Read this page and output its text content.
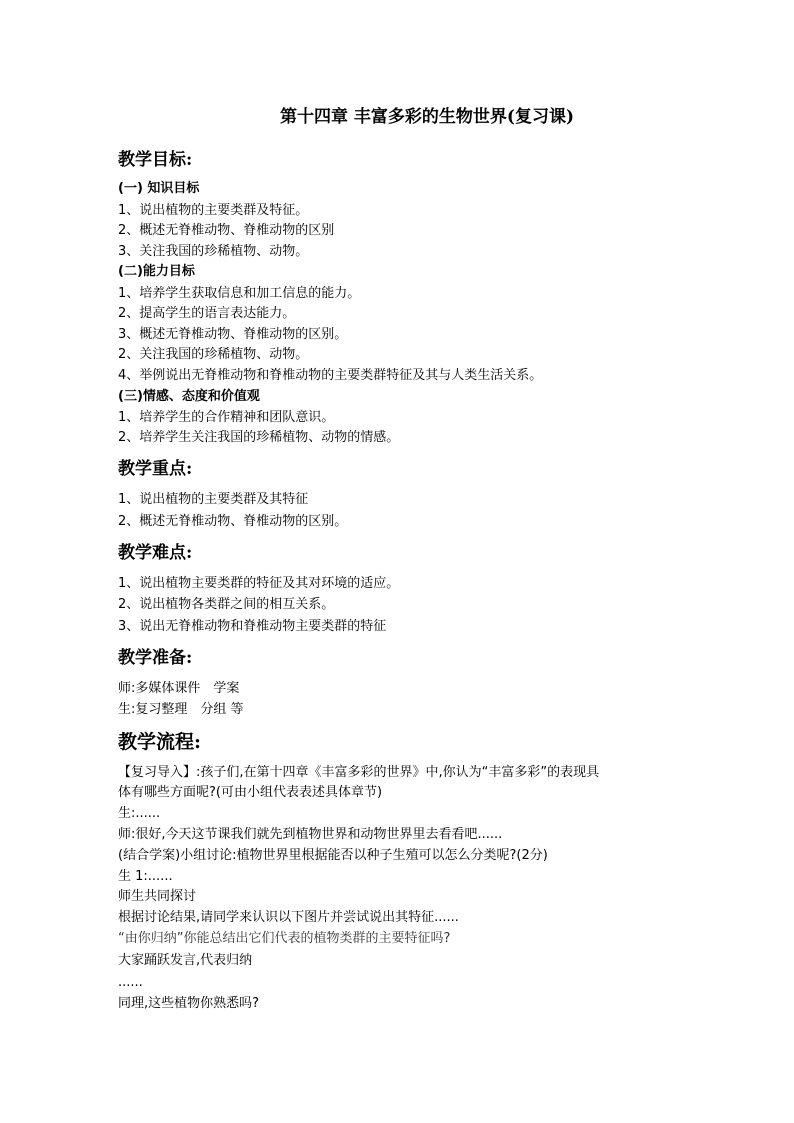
第十四章 丰富多彩的生物世界(复习课)
教学目标:
(一) 知识目标
1、说出植物的主要类群及特征。
2、概述无脊椎动物、脊椎动物的区别
3、关注我国的珍稀植物、动物。
(二)能力目标
1、培养学生获取信息和加工信息的能力。
2、提高学生的语言表达能力。
3、概述无脊椎动物、脊椎动物的区别。
2、关注我国的珍稀植物、动物。
4、举例说出无脊椎动物和脊椎动物的主要类群特征及其与人类生活关系。
(三)情感、态度和价值观
1、培养学生的合作精神和团队意识。
2、培养学生关注我国的珍稀植物、动物的情感。
教学重点:
1、说出植物的主要类群及其特征
2、概述无脊椎动物、脊椎动物的区别。
教学难点:
1、说出植物主要类群的特征及其对环境的适应。
2、说出植物各类群之间的相互关系。
3、说出无脊椎动物和脊椎动物主要类群的特征
教学准备:
师:多媒体课件　学案
生:复习整理　分组 等
教学流程:
【复习导入】:孩子们,在第十四章《丰富多彩的世界》中,你认为“丰富多彩”的表现具
体有哪些方面呢?(可由小组代表表述具体章节)
生:......
师:很好,今天这节课我们就先到植物世界和动物世界里去看看吧......
(结合学案)小组讨论:植物世界里根据能否以种子生殖可以怎么分类呢?(2分)
生 1:......
师生共同探讨
根据讨论结果,请同学来认识以下图片并尝试说出其特征......
“由你归纳”你能总结出它们代表的植物类群的主要特征吗?
大家踊跃发言,代表归纳
......
同理,这些植物你熟悉吗?
